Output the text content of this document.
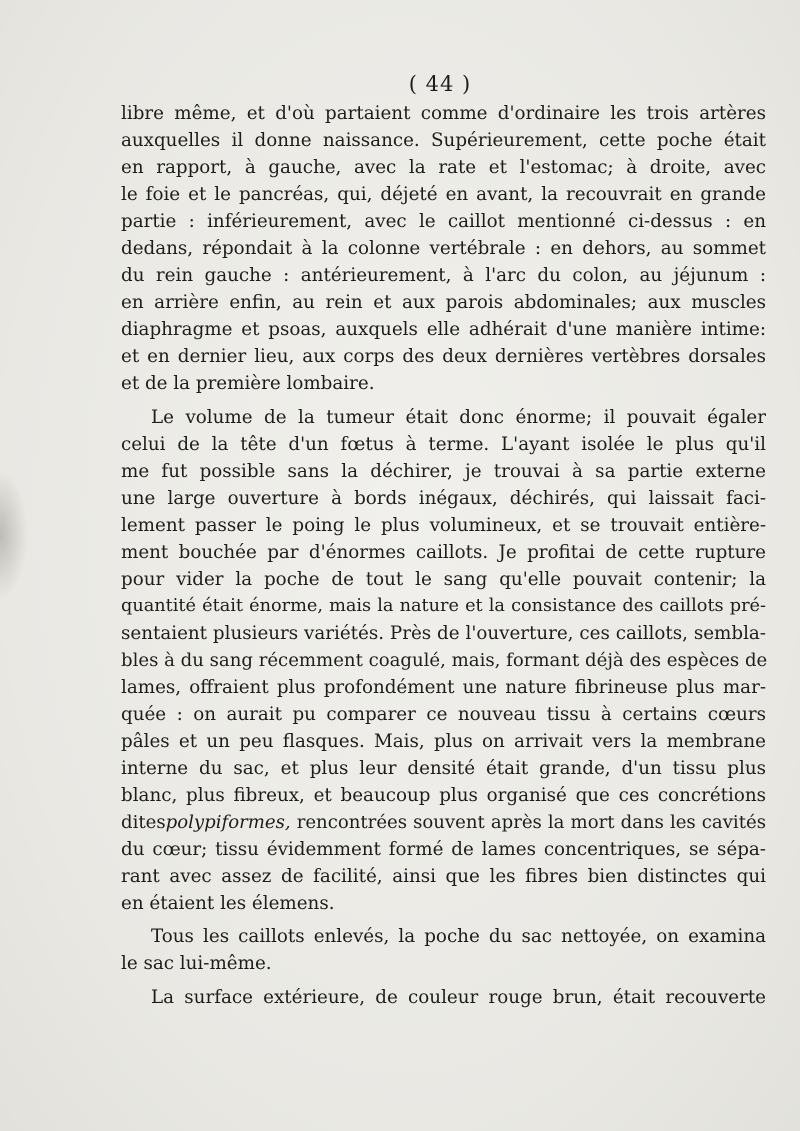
( 44 )
libre même, et d'où partaient comme d'ordinaire les trois artères
auxquelles il donne naissance. Supérieurement, cette poche était
en rapport, à gauche, avec la rate et l'estomac; à droite, avec
le foie et le pancréas, qui, déjeté en avant, la recouvrait en grande
partie : inférieurement, avec le caillot mentionné ci-dessus : en
dedans, répondait à la colonne vertébrale : en dehors, au sommet
du rein gauche : antérieurement, à l'arc du colon, au jéjunum :
en arrière enfin, au rein et aux parois abdominales; aux muscles
diaphragme et psoas, auxquels elle adhérait d'une manière intime:
et en dernier lieu, aux corps des deux dernières vertèbres dorsales
et de la première lombaire.
Le volume de la tumeur était donc énorme; il pouvait égaler
celui de la tête d'un fœtus à terme. L'ayant isolée le plus qu'il
me fut possible sans la déchirer, je trouvai à sa partie externe
une large ouverture à bords inégaux, déchirés, qui laissait faci-
lement passer le poing le plus volumineux, et se trouvait entière-
ment bouchée par d'énormes caillots. Je profitai de cette rupture
pour vider la poche de tout le sang qu'elle pouvait contenir; la
quantité était énorme, mais la nature et la consistance des caillots pré-
sentaient plusieurs variétés. Près de l'ouverture, ces caillots, sembla-
bles à du sang récemment coagulé, mais, formant déjà des espèces de
lames, offraient plus profondément une nature fibrineuse plus mar-
quée : on aurait pu comparer ce nouveau tissu à certains cœurs
pâles et un peu flasques. Mais, plus on arrivait vers la membrane
interne du sac, et plus leur densité était grande, d'un tissu plus
blanc, plus fibreux, et beaucoup plus organisé que ces concrétions
ditespolypiformes, rencontrées souvent après la mort dans les cavités
du cœur; tissu évidemment formé de lames concentriques, se sépa-
rant avec assez de facilité, ainsi que les fibres bien distinctes qui
en étaient les élemens.
Tous les caillots enlevés, la poche du sac nettoyée, on examina
le sac lui-même.
La surface extérieure, de couleur rouge brun, était recouverte
